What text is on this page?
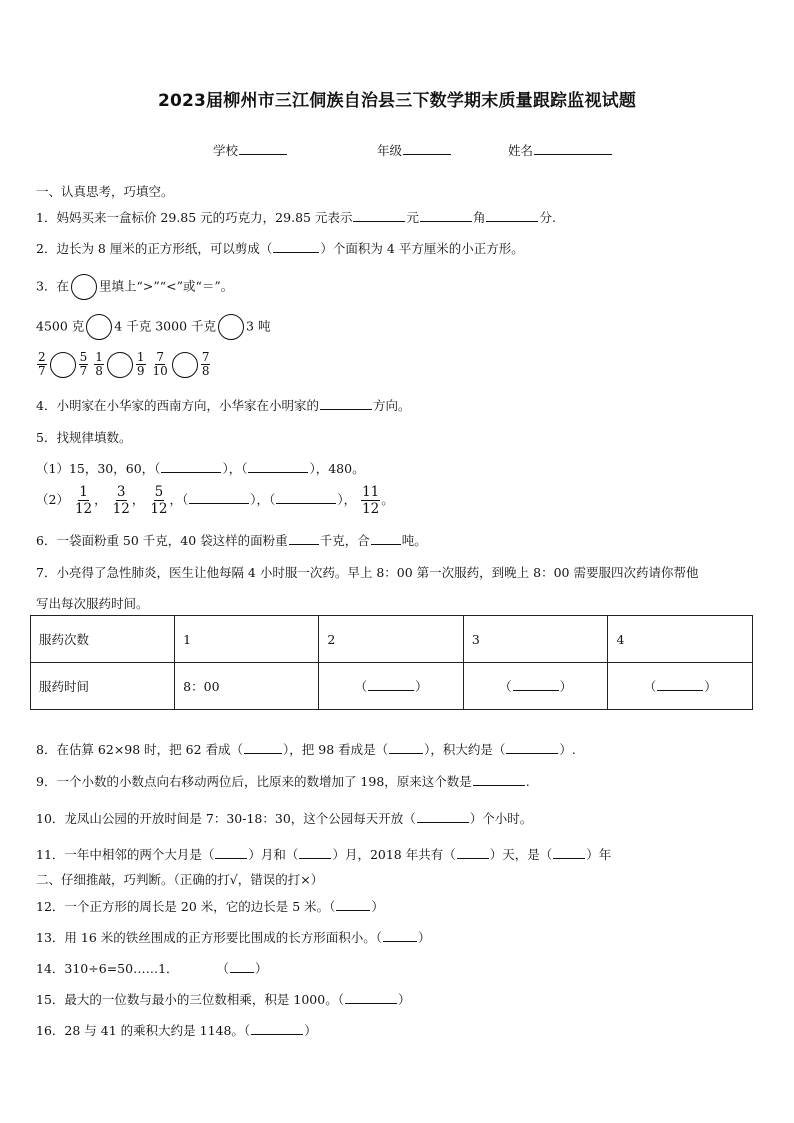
2023届柳州市三江侗族自治县三下数学期末质量跟踪监视试题
学校	年级	姓名
一、认真思考，巧填空。
1．妈妈买来一盒标价 29.85 元的巧克力，29.85 元表示	元	角	分.
2．边长为 8 厘米的正方形纸，可以剪成（	）个面积为 4 平方厘米的小正方形。
3．在 里填上“>”“<”或“＝”。
4500 克 4 千克 3000 千克 3 吨
$\frac{2}{7}$	$\frac{5}{7}$
$\frac{1}{8}$	$\frac{1}{9}$
$\frac{7}{10}$	$\frac{7}{8}$
4．小明家在小华家的西南方向，小华家在小明家的	方向。
5．找规律填数。
（1）15，30，60，（	），（	），480。
$(2) \frac{1}{12}$ ， $\frac{3}{12}$ ， $\frac{5}{12}$ ，（	），（	）， $\frac{11}{12}$ 。
6．一袋面粉重 50 千克，40 袋这样的面粉重	千克，合	吨。
7．小亮得了急性肺炎，医生让他每隔 4 小时服一次药。早上 8：00 第一次服药，到晚上 8：00 需要服四次药请你帮他
写出每次服药时间。
服药次数	1	2	3	4
服药时间	8：00	（ ）	（ ）	（ ）
8．在估算 62×98 时，把 62 看成（	），把 98 看成是（	），积大约是（	）.
9．一个小数的小数点向右移动两位后，比原来的数增加了 198，原来这个数是	.
10．龙凤山公园的开放时间是 7：30-18：30，这个公园每天开放（	）个小时。
11．一年中相邻的两个大月是（	）月和（	）月，2018 年共有（	）天，是（	）年
二、仔细推敲，巧判断。（正确的打√，错误的打×）
12．一个正方形的周长是 20 米，它的边长是 5 米。（	）
13．用 16 米的铁丝围成的正方形要比围成的长方形面积小。（	）
14．310÷6=50……1．	（ ）
15．最大的一位数与最小的三位数相乘，积是 1000。（	）
16．28 与 41 的乘积大约是 1148。（	）
